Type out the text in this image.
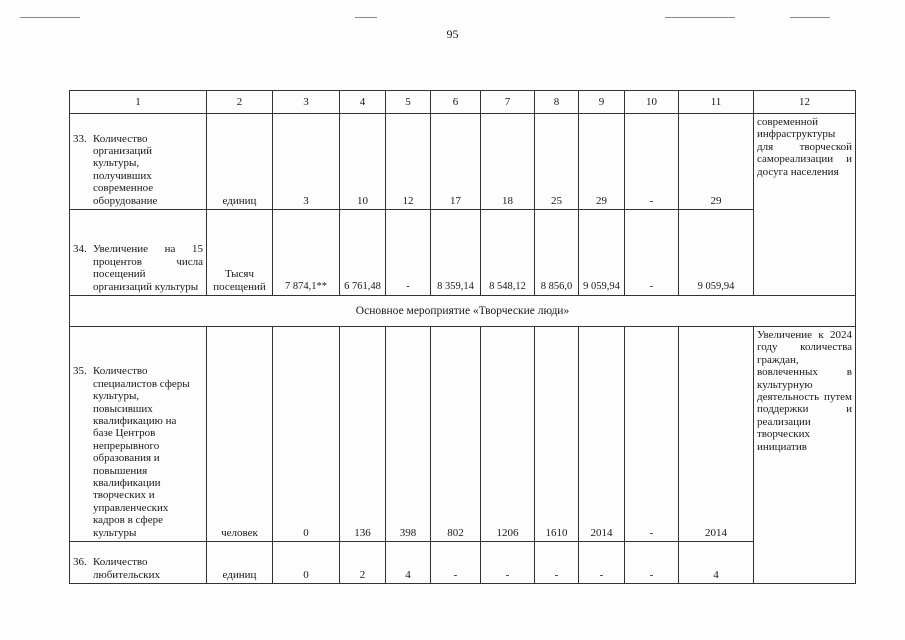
95
1	2	3	4	5	6	7	8	9	10	11	12

33. Количество организаций культуры, получивших современное оборудование	единиц	3	10	12	17	18	25	29	-	29	современной инфраструктуры для творческой самореализации и досуга населения

34. Увеличение на 15 процентов числа посещений организаций культуры	Тысяч посещений	7 874,1**	6 761,48	-	8 359,14	8 548,12	8 856,0	9 059,94	-	9 059,94	
Основное мероприятие «Творческие люди»											

35. Количество специалистов сферы культуры, повысивших квалификацию на базе Центров непрерывного образования и повышения квалификации творческих и управленческих кадров в сфере культуры	человек	0	136	398	802	1206	1610	2014	-	2014	Увеличение к 2024 году количества граждан, вовлеченных в культурную деятельность путем поддержки и реализации творческих инициатив

36. Количество любительских	единиц	0	2	4	-	-	-	-	-	4	
